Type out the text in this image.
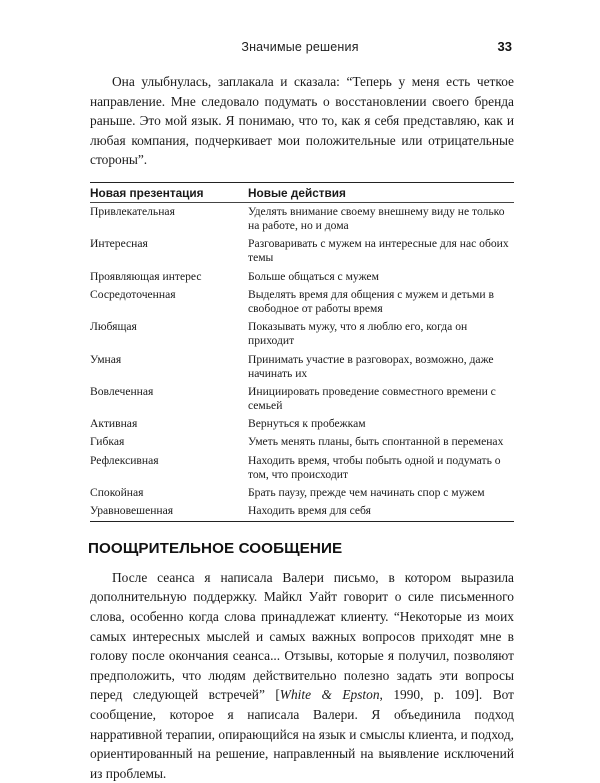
Значимые решения	33

Она улыбнулась, заплакала и сказала: “Теперь у меня есть четкое направление. Мне следовало подумать о восстановлении своего бренда раньше. Это мой язык. Я понимаю, что то, как я себя представляю, как и любая компания, подчеркивает мои положительные или отрицательные стороны”.

Новая презентация	Новые действия
Привлекательная	Уделять внимание своему внешнему виду не только на работе, но и дома
Интересная	Разговаривать с мужем на интересные для нас обоих темы
Проявляющая интерес	Больше общаться с мужем
Сосредоточенная	Выделять время для общения с мужем и детьми в свободное от работы время
Любящая	Показывать мужу, что я люблю его, когда он приходит
Умная	Принимать участие в разговорах, возможно, даже начинать их
Вовлеченная	Инициировать проведение совместного времени с семьей
Активная	Вернуться к пробежкам
Гибкая	Уметь менять планы, быть спонтанной в переменах
Рефлексивная	Находить время, чтобы побыть одной и подумать о том, что происходит
Спокойная	Брать паузу, прежде чем начинать спор с мужем
Уравновешенная	Находить время для себя
ПООЩРИТЕЛЬНОЕ СООБЩЕНИЕ

После сеанса я написала Валери письмо, в котором выразила дополнительную поддержку. Майкл Уайт говорит о силе письменного слова, особенно когда слова принадлежат клиенту. “Некоторые из моих самых интересных мыслей и самых важных вопросов приходят мне в голову после окончания сеанса... Отзывы, которые я получил, позволяют предположить, что людям действительно полезно задать эти вопросы перед следующей встречей” [White & Epston, 1990, p. 109]. Вот сообщение, которое я написала Валери. Я объединила подход нарративной терапии, опирающийся на язык и смыслы клиента, и подход, ориентированный на решение, направленный на выявление исключений из проблемы.
